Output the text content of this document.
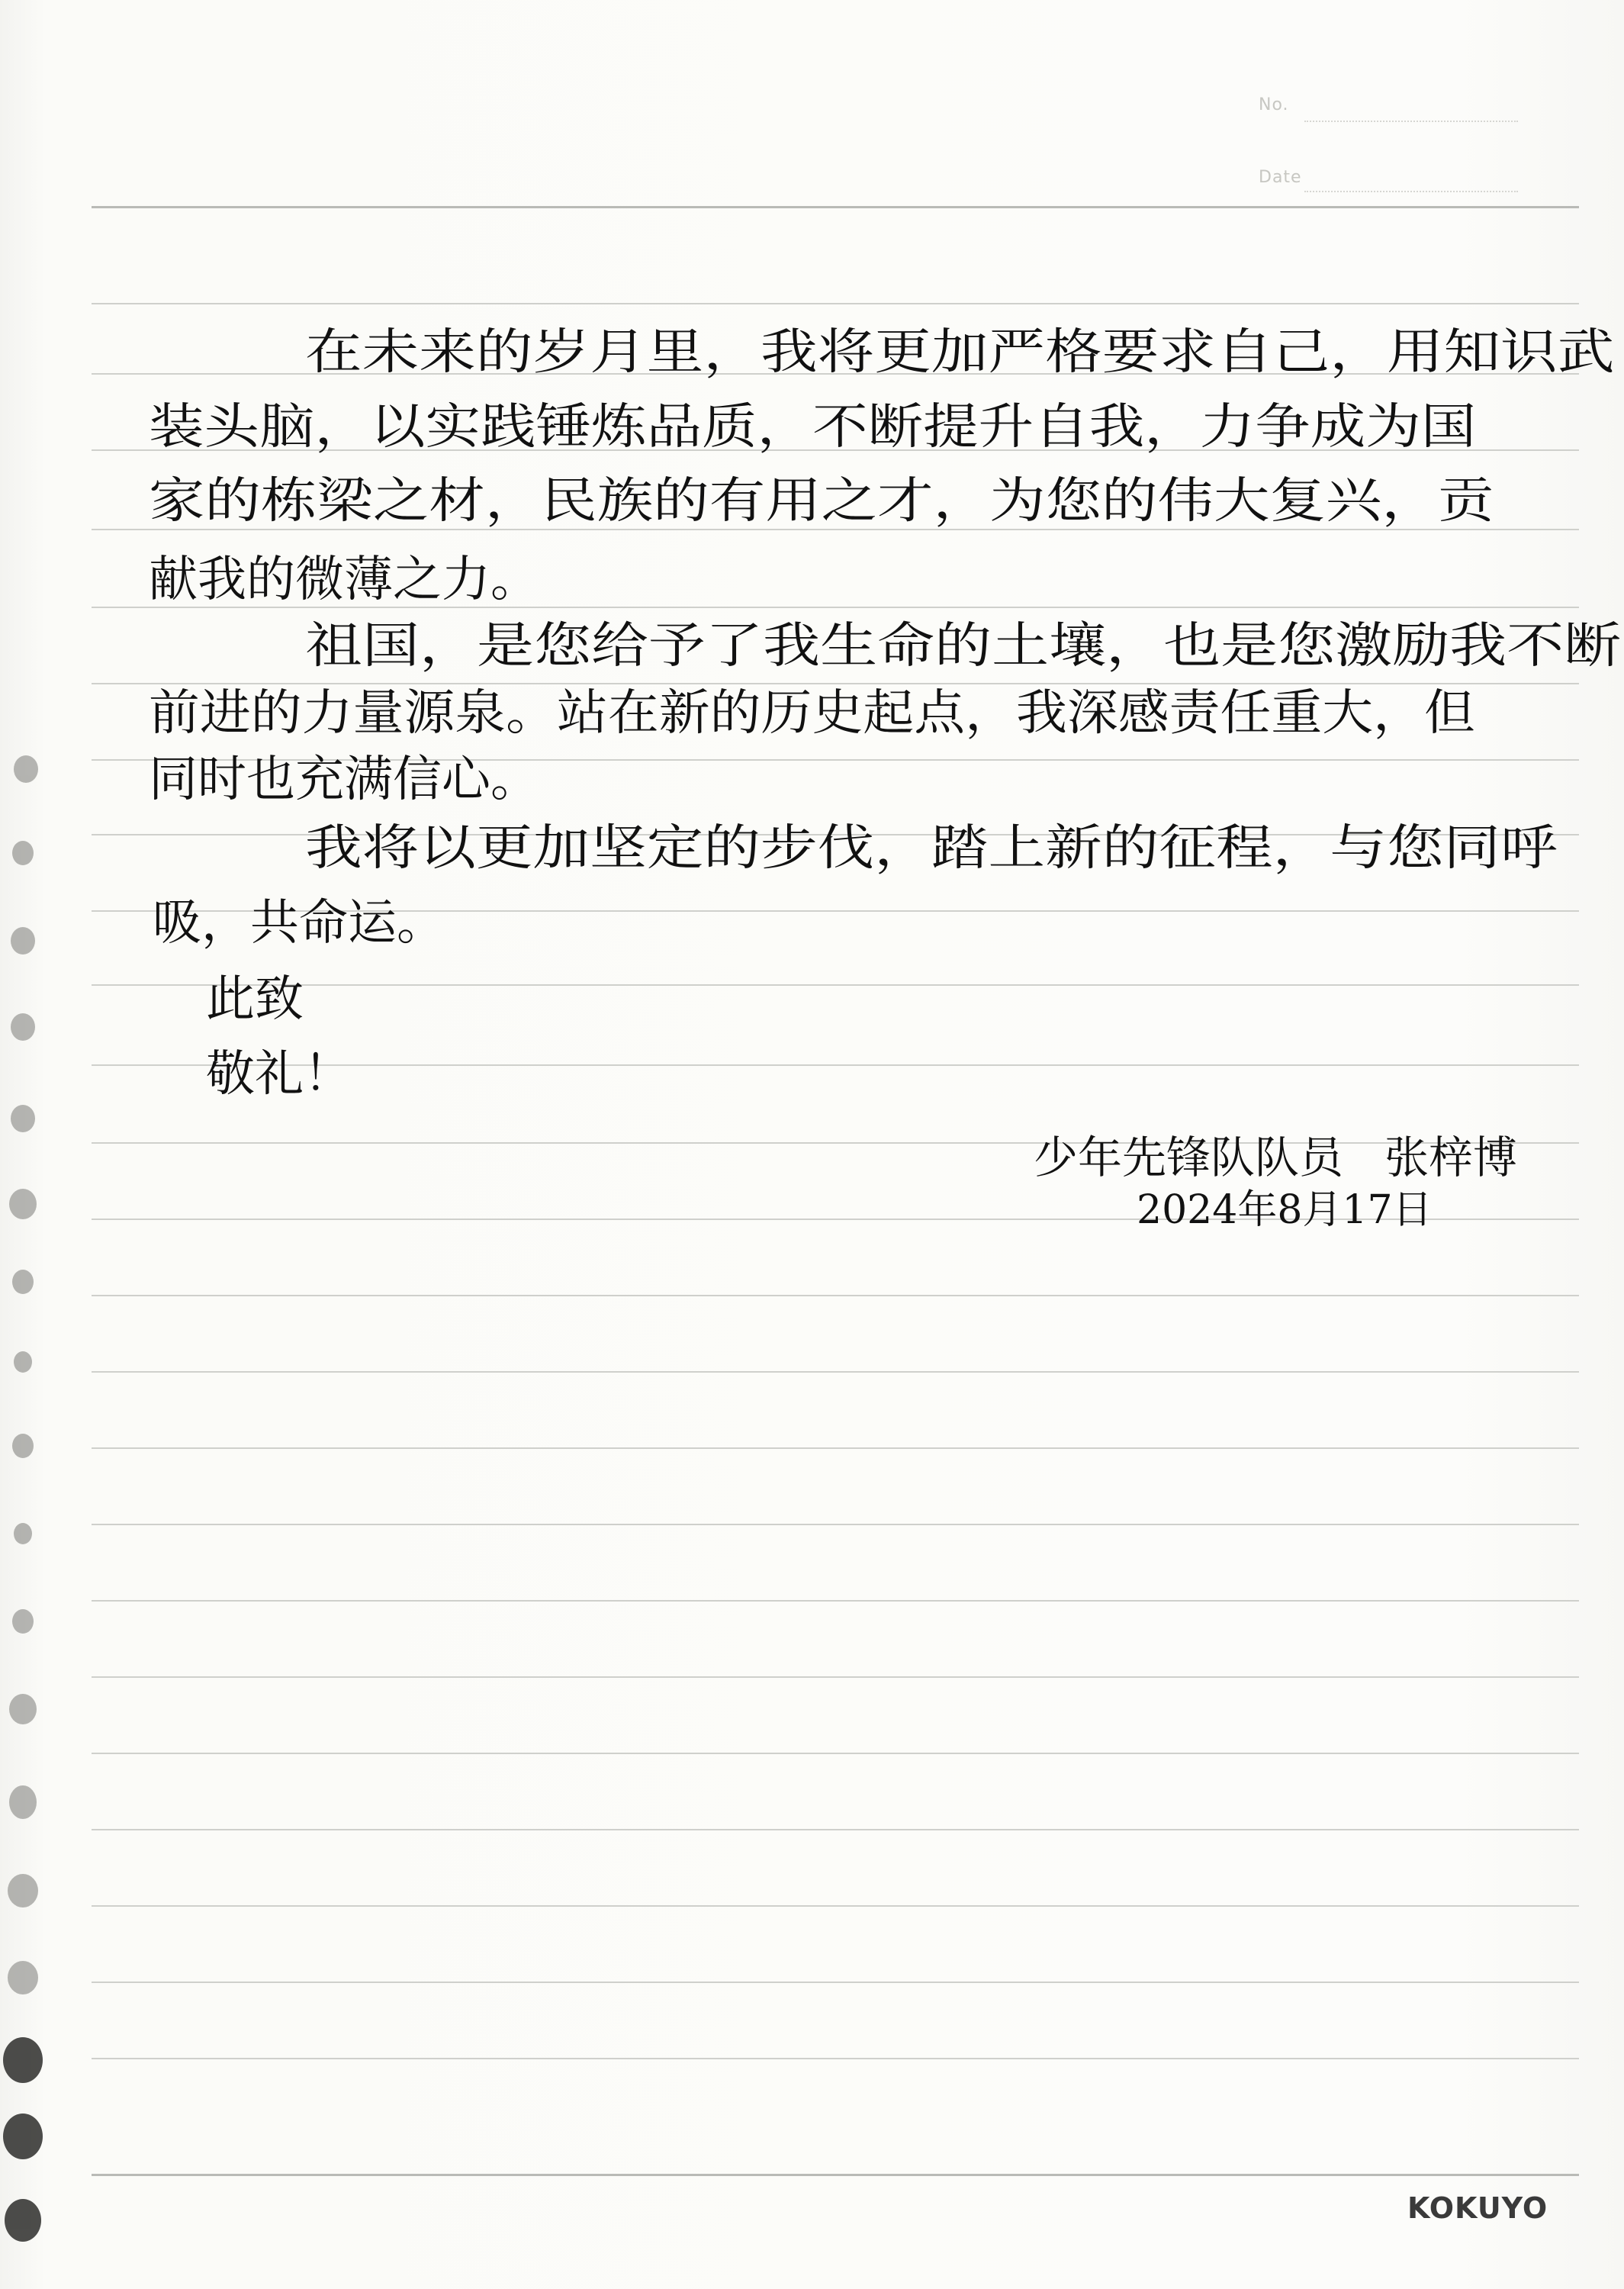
No.
Date

在未来的岁月里，我将更加严格要求自己，用知识武

装头脑，以实践锤炼品质，不断提升自我，力争成为国

家的栋梁之材，民族的有用之才，为您的伟大复兴，贡

献我的微薄之力。

祖国，是您给予了我生命的土壤，也是您激励我不断

前进的力量源泉。站在新的历史起点，我深感责任重大，但

同时也充满信心。

我将以更加坚定的步伐，踏上新的征程，与您同呼

吸，共命运。

此致

敬礼！

少年先锋队队员 张梓博
2024年8月17日
KOKUYO
